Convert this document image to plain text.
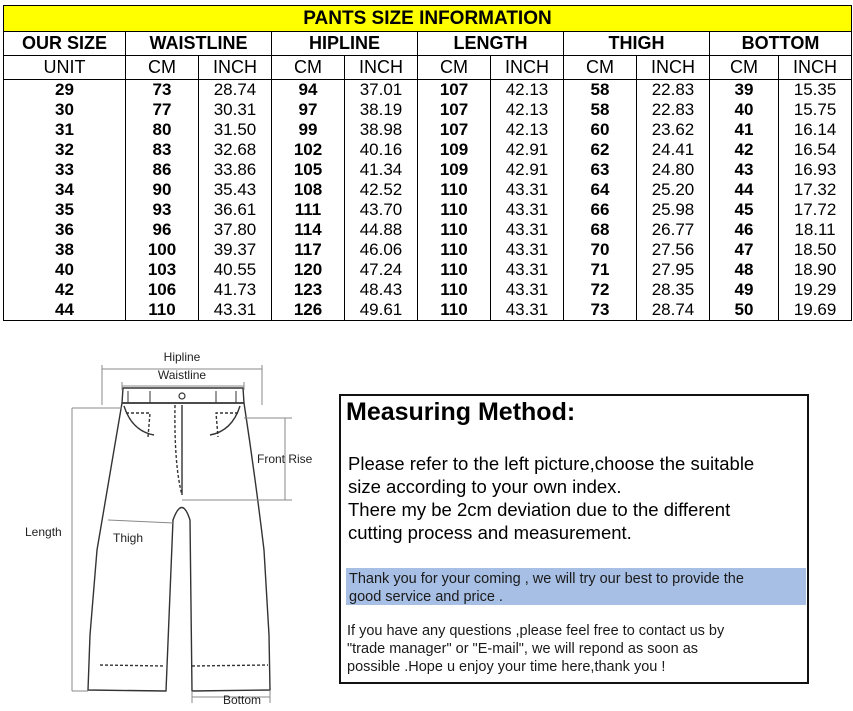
PANTS SIZE INFORMATION										
OUR SIZE	WAISTLINE		HIPLINE		LENGTH		THIGH		BOTTOM	
UNIT	CM	INCH	CM	INCH	CM	INCH	CM	INCH	CM	INCH
29	73	28.74	94	37.01	107	42.13	58	22.83	39	15.35
30	77	30.31	97	38.19	107	42.13	58	22.83	40	15.75
31	80	31.50	99	38.98	107	42.13	60	23.62	41	16.14
32	83	32.68	102	40.16	109	42.91	62	24.41	42	16.54
33	86	33.86	105	41.34	109	42.91	63	24.80	43	16.93
34	90	35.43	108	42.52	110	43.31	64	25.20	44	17.32
35	93	36.61	111	43.70	110	43.31	66	25.98	45	17.72
36	96	37.80	114	44.88	110	43.31	68	26.77	46	18.11
38	100	39.37	117	46.06	110	43.31	70	27.56	47	18.50
40	103	40.55	120	47.24	110	43.31	71	27.95	48	18.90
42	106	41.73	123	48.43	110	43.31	72	28.35	49	19.29
44	110	43.31	126	49.61	110	43.31	73	28.74	50	19.69
Hipline
Waistline
Front Rise
Length	Thigh
Bottom
Measuring Method:
Please refer to the left picture,choose the suitable
size according to your own index.
There my be 2cm deviation due to the different
cutting process and measurement.
Thank you for your coming , we will try our best to provide the
good service and price .
If you have any questions ,please feel free to contact us by
"trade manager" or "E-mail", we will repond as soon as
possible .Hope u enjoy your time here,thank you !
